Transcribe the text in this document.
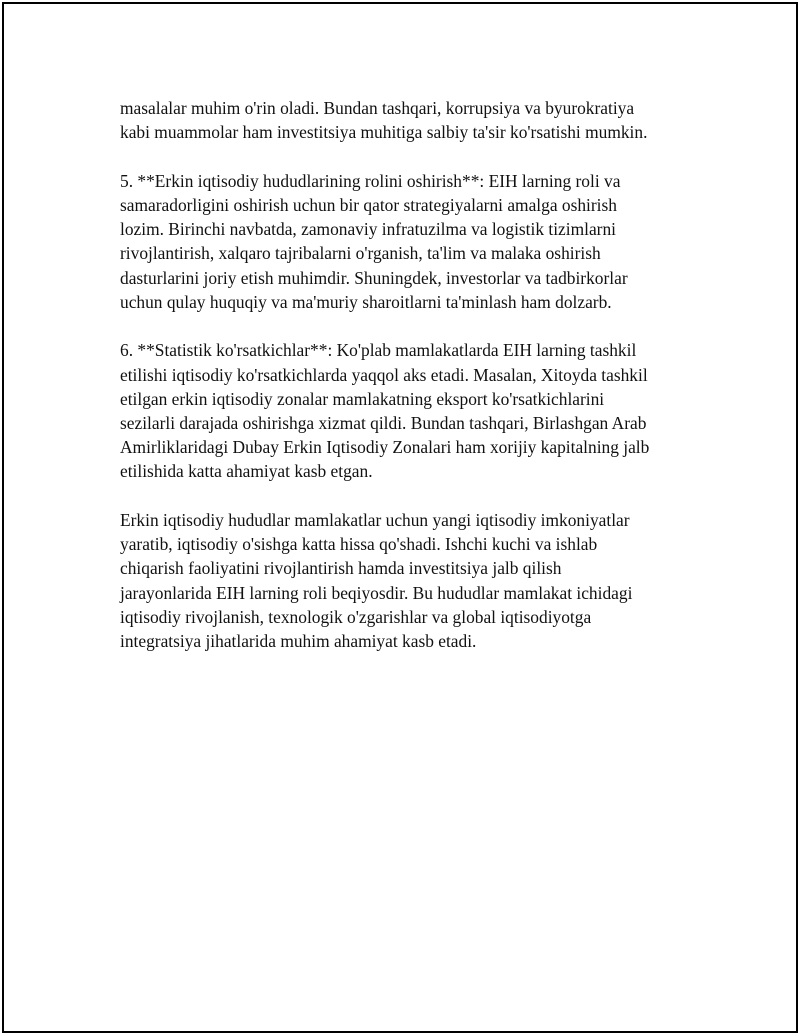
masalalar muhim o'rin oladi. Bundan tashqari, korrupsiya va byurokratiya
kabi muammolar ham investitsiya muhitiga salbiy ta'sir ko'rsatishi mumkin.

5. **Erkin iqtisodiy hududlarining rolini oshirish**: EIH larning roli va
samaradorligini oshirish uchun bir qator strategiyalarni amalga oshirish
lozim. Birinchi navbatda, zamonaviy infratuzilma va logistik tizimlarni
rivojlantirish, xalqaro tajribalarni o'rganish, ta'lim va malaka oshirish
dasturlarini joriy etish muhimdir. Shuningdek, investorlar va tadbirkorlar
uchun qulay huquqiy va ma'muriy sharoitlarni ta'minlash ham dolzarb.

6. **Statistik ko'rsatkichlar**: Ko'plab mamlakatlarda EIH larning tashkil
etilishi iqtisodiy ko'rsatkichlarda yaqqol aks etadi. Masalan, Xitoyda tashkil
etilgan erkin iqtisodiy zonalar mamlakatning eksport ko'rsatkichlarini
sezilarli darajada oshirishga xizmat qildi. Bundan tashqari, Birlashgan Arab
Amirliklaridagi Dubay Erkin Iqtisodiy Zonalari ham xorijiy kapitalning jalb
etilishida katta ahamiyat kasb etgan.

Erkin iqtisodiy hududlar mamlakatlar uchun yangi iqtisodiy imkoniyatlar
yaratib, iqtisodiy o'sishga katta hissa qo'shadi. Ishchi kuchi va ishlab
chiqarish faoliyatini rivojlantirish hamda investitsiya jalb qilish
jarayonlarida EIH larning roli beqiyosdir. Bu hududlar mamlakat ichidagi
iqtisodiy rivojlanish, texnologik o'zgarishlar va global iqtisodiyotga
integratsiya jihatlarida muhim ahamiyat kasb etadi.
